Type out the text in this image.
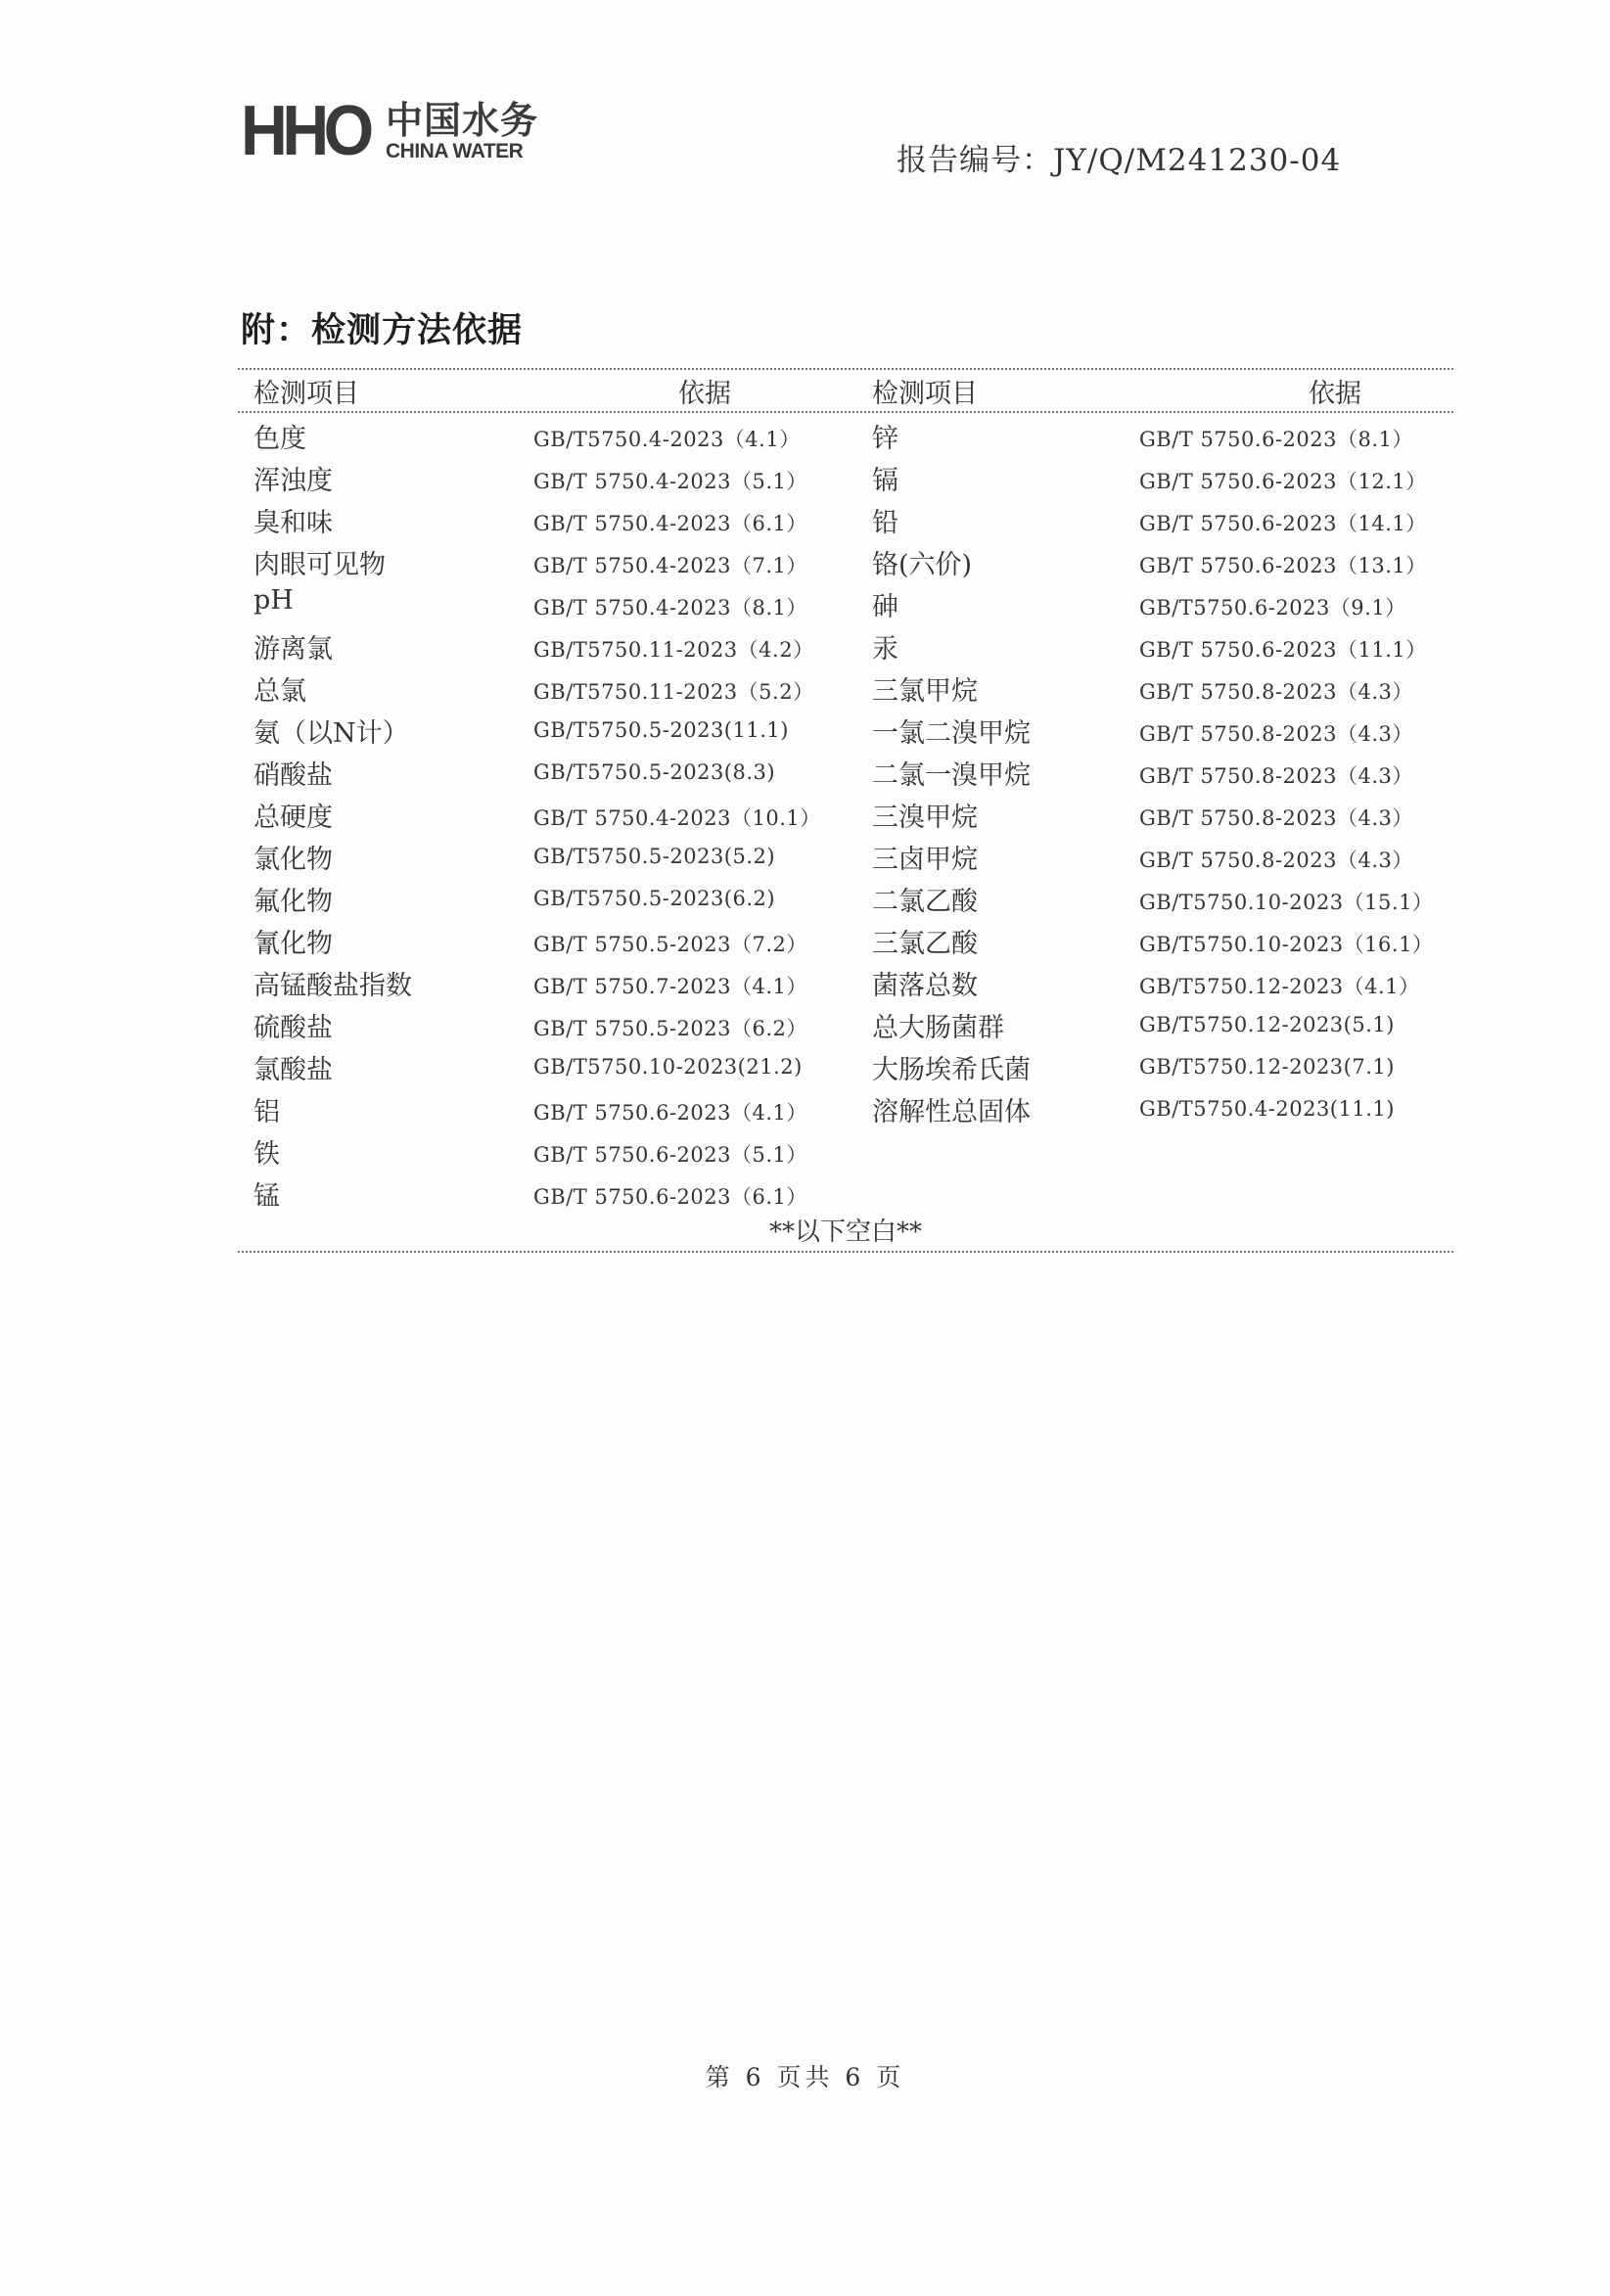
HHO 中国水务
CHINA WATER	报告编号：JY/Q/M241230-04
附：检测方法依据
检测项目	依据	检测项目	依据
色度	GB/T5750.4-2023（4.1）	锌	GB/T 5750.6-2023（8.1）
浑浊度	GB/T 5750.4-2023（5.1） 镉	GB/T 5750.6-2023（12.1）
臭和味	GB/T 5750.4-2023（6.1） 铅	GB/T 5750.6-2023（14.1）
肉眼可见物	GB/T 5750.4-2023（7.1） 铬(六价)	GB/T 5750.6-2023（13.1）
pH	GB/T 5750.4-2023（8.1） 砷	GB/T5750.6-2023（9.1）
游离氯	GB/T5750.11-2023（4.2） 汞	GB/T 5750.6-2023（11.1）
总氯	GB/T5750.11-2023（5.2） 三氯甲烷	GB/T 5750.8-2023（4.3）
氨（以N计）	GB/T5750.5-2023(11.1)	一氯二溴甲烷	GB/T 5750.8-2023（4.3）
硝酸盐	GB/T5750.5-2023(8.3)	二氯一溴甲烷	GB/T 5750.8-2023（4.3）
总硬度	GB/T 5750.4-2023（10.1） 三溴甲烷	GB/T 5750.8-2023（4.3）
氯化物	GB/T5750.5-2023(5.2)	三卤甲烷	GB/T 5750.8-2023（4.3）
氟化物	GB/T5750.5-2023(6.2)	二氯乙酸	GB/T5750.10-2023（15.1）
氰化物	GB/T 5750.5-2023（7.2） 三氯乙酸	GB/T5750.10-2023（16.1）
高锰酸盐指数	GB/T 5750.7-2023（4.1） 菌落总数	GB/T5750.12-2023（4.1）
硫酸盐	GB/T 5750.5-2023（6.2） 总大肠菌群	GB/T5750.12-2023(5.1)
氯酸盐	GB/T5750.10-2023(21.2)	大肠埃希氏菌	GB/T5750.12-2023(7.1)
铝	GB/T 5750.6-2023（4.1） 溶解性总固体	GB/T5750.4-2023(11.1)
铁	GB/T 5750.6-2023（5.1）
锰	GB/T 5750.6-2023（6.1）
**以下空白**
第 6 页共 6 页
